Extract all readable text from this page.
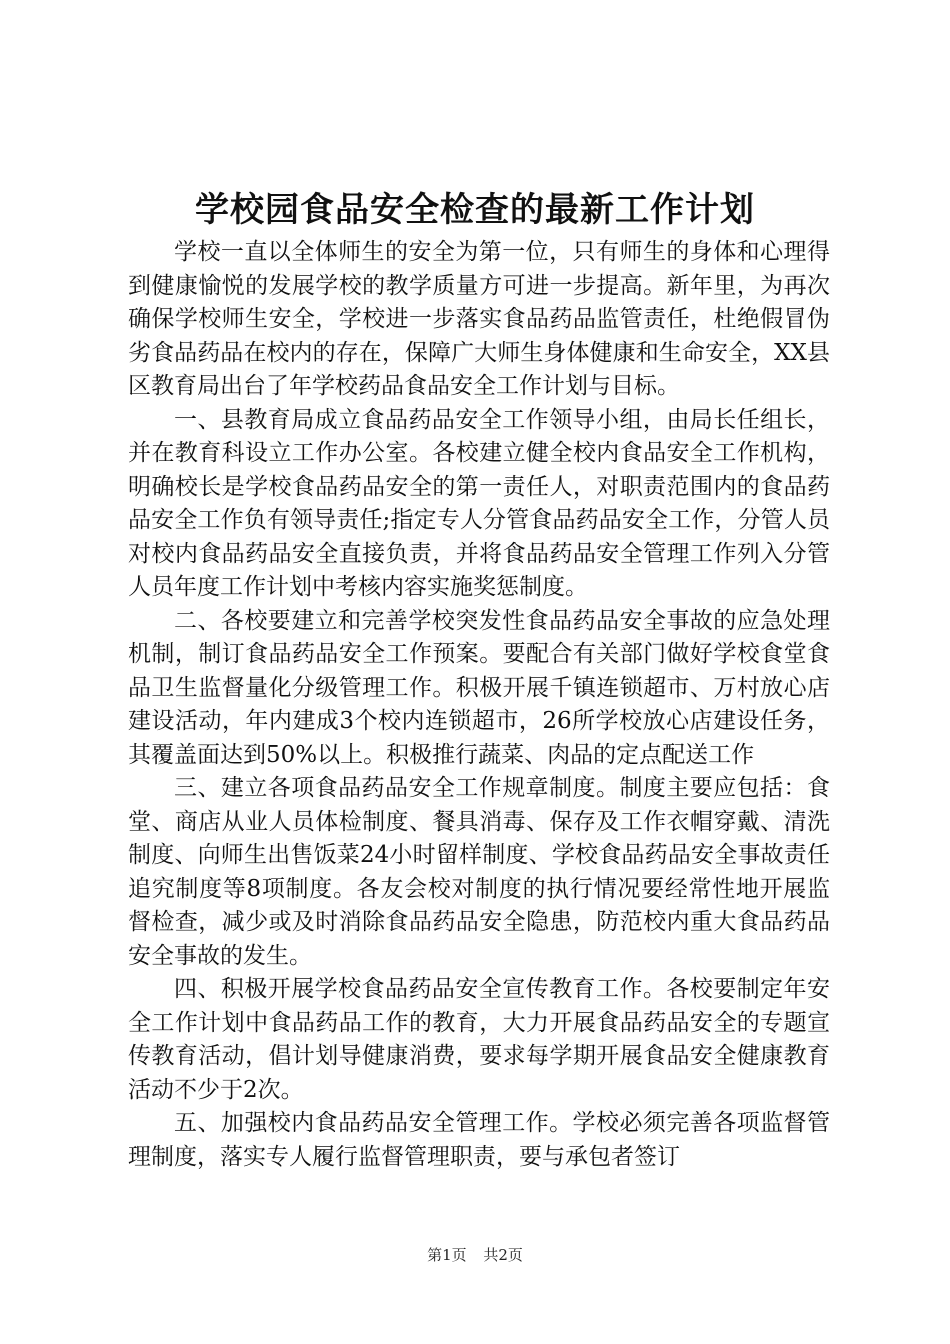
学校园食品安全检查的最新工作计划

学校一直以全体师生的安全为第一位，只有师生的身体和心理得到健康愉悦的发展学校的教学质量方可进一步提高。新年里，为再次确保学校师生安全，学校进一步落实食品药品监管责任，杜绝假冒伪劣食品药品在校内的存在，保障广大师生身体健康和生命安全，XX县区教育局出台了年学校药品食品安全工作计划与目标。

一、县教育局成立食品药品安全工作领导小组，由局长任组长，并在教育科设立工作办公室。各校建立健全校内食品安全工作机构，明确校长是学校食品药品安全的第一责任人，对职责范围内的食品药品安全工作负有领导责任;指定专人分管食品药品安全工作，分管人员对校内食品药品安全直接负责，并将食品药品安全管理工作列入分管人员年度工作计划中考核内容实施奖惩制度。

二、各校要建立和完善学校突发性食品药品安全事故的应急处理机制，制订食品药品安全工作预案。要配合有关部门做好学校食堂食品卫生监督量化分级管理工作。积极开展千镇连锁超市、万村放心店建设活动，年内建成3个校内连锁超市，26所学校放心店建设任务，其覆盖面达到50%以上。积极推行蔬菜、肉品的定点配送工作

三、建立各项食品药品安全工作规章制度。制度主要应包括：食堂、商店从业人员体检制度、餐具消毒、保存及工作衣帽穿戴、清洗制度、向师生出售饭菜24小时留样制度、学校食品药品安全事故责任追究制度等8项制度。各友会校对制度的执行情况要经常性地开展监督检查，减少或及时消除食品药品安全隐患，防范校内重大食品药品安全事故的发生。

四、积极开展学校食品药品安全宣传教育工作。各校要制定年安全工作计划中食品药品工作的教育，大力开展食品药品安全的专题宣传教育活动，倡计划导健康消费，要求每学期开展食品安全健康教育活动不少于2次。

五、加强校内食品药品安全管理工作。学校必须完善各项监督管理制度，落实专人履行监督管理职责，要与承包者签订

第1页 共2页
